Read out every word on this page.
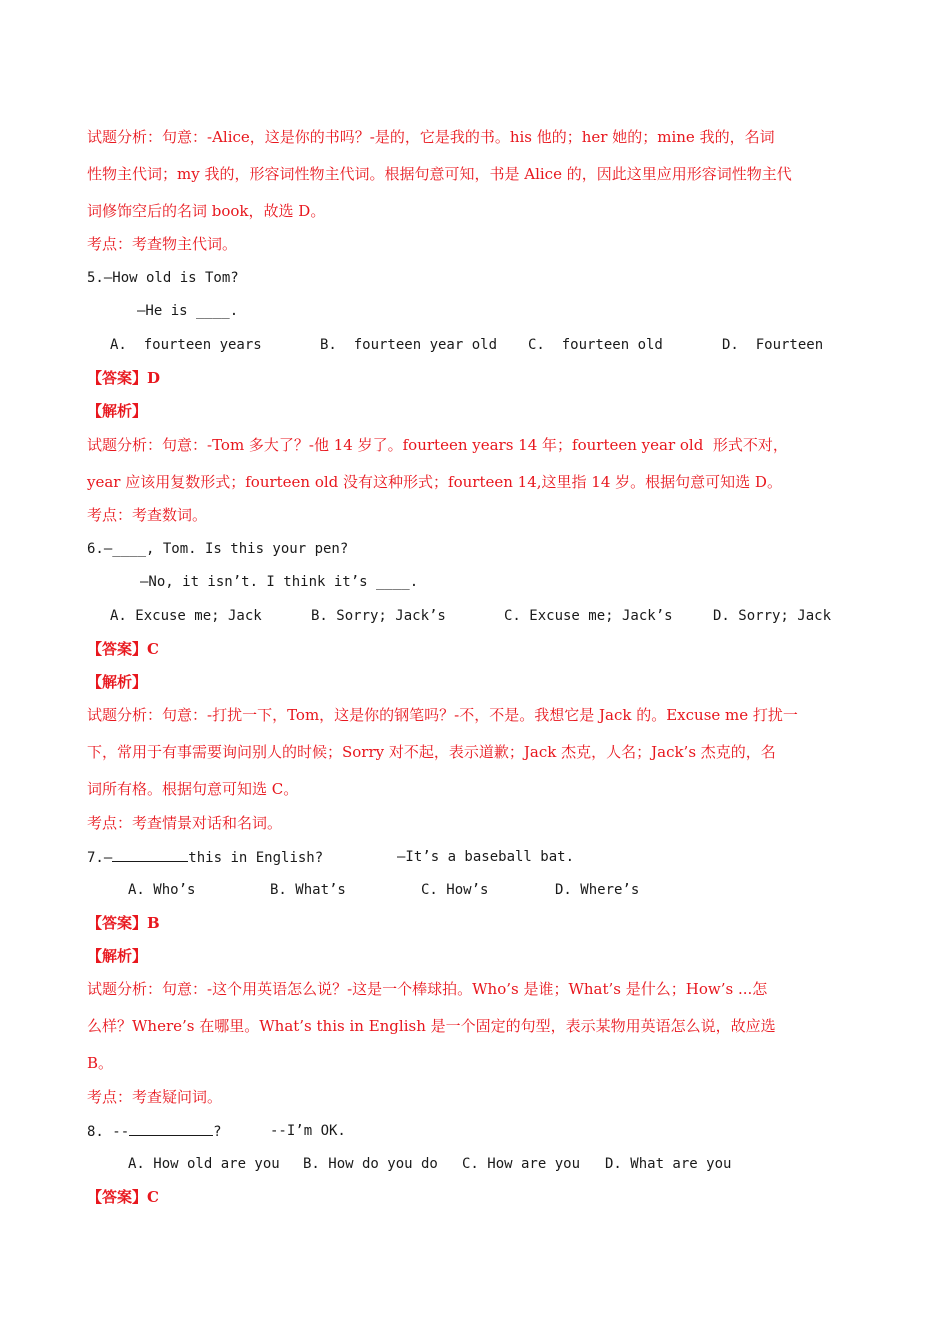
试题分析：句意：-Alice，这是你的书吗？-是的，它是我的书。his 他的；her 她的；mine 我的，名词
性物主代词；my 我的，形容词性物主代词。根据句意可知，书是 Alice 的，因此这里应用形容词性物主代
词修饰空后的名词 book，故选 D。
考点：考查物主代词。
5.—How old is Tom?
—He is ____.
A.  fourteen years	B.  fourteen year old C.  fourteen old	D.  Fourteen
【答案】D
【解析】
试题分析：句意：-Tom 多大了？-他 14 岁了。fourteen years 14 年；fourteen year old  形式不对，
year 应该用复数形式；fourteen old 没有这种形式；fourteen 14,这里指 14 岁。根据句意可知选 D。
考点：考查数词。
6.—____, Tom. Is this your pen?
—No, it isn’t. I think it’s ____.
A. Excuse me; Jack	B. Sorry; Jack’s	C. Excuse me; Jack’s	D. Sorry; Jack
【答案】C
【解析】
试题分析：句意：-打扰一下，Tom，这是你的钢笔吗？-不，不是。我想它是 Jack 的。Excuse me 打扰一
下，常用于有事需要询问别人的时候；Sorry 对不起，表示道歉；Jack 杰克，人名；Jack’s 杰克的，名
词所有格。根据句意可知选 C。
考点：考查情景对话和名词。
7.—	this in English?	—It’s a baseball bat.
A. Who’s	B. What’s	C. How’s	D. Where’s
【答案】B
【解析】
试题分析：句意：-这个用英语怎么说？-这是一个棒球拍。Who’s 是谁；What’s 是什么；How’s ...怎
么样？Where’s 在哪里。What’s this in English 是一个固定的句型，表示某物用英语怎么说，故应选
B。
考点：考查疑问词。
8. --	?	--I’m OK.
A. How old are you B. How do you do C. How are you D. What are you
【答案】C
